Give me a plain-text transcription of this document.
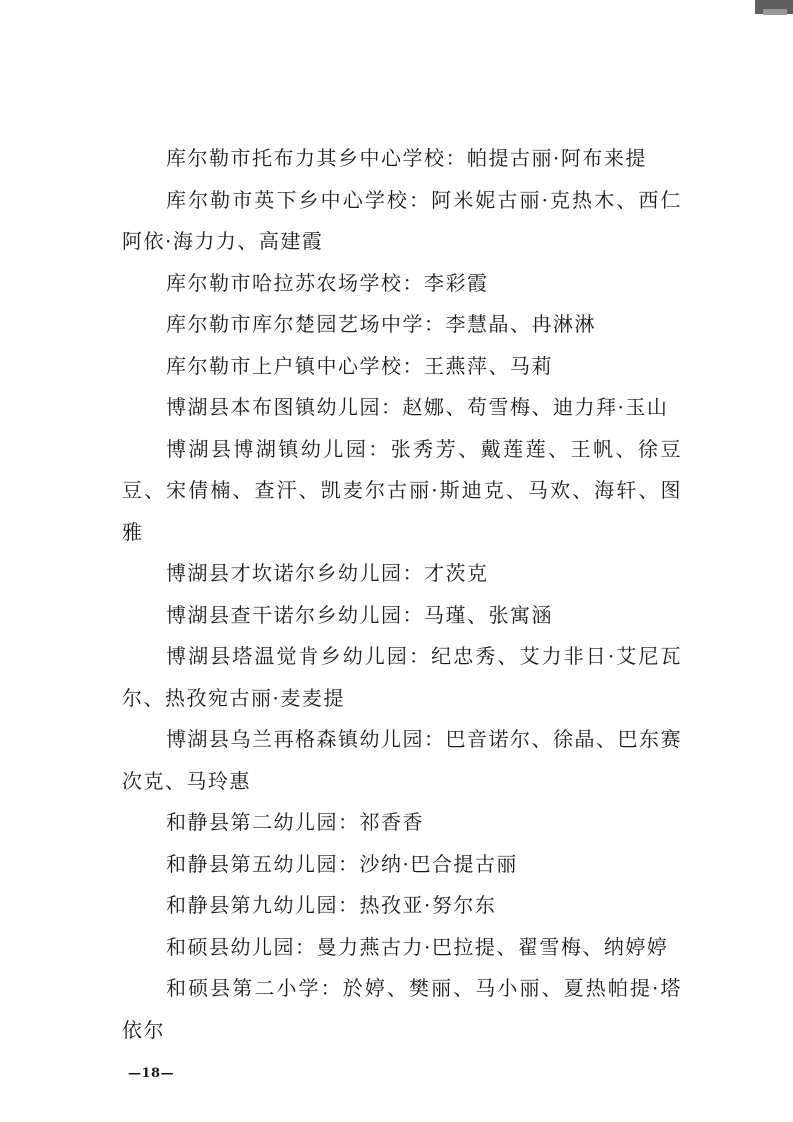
库尔勒市托布力其乡中心学校：帕提古丽·阿布来提

库尔勒市英下乡中心学校：阿米妮古丽·克热木、西仁阿依·海力力、高建霞

库尔勒市哈拉苏农场学校：李彩霞

库尔勒市库尔楚园艺场中学：李慧晶、冉淋淋

库尔勒市上户镇中心学校：王燕萍、马莉

博湖县本布图镇幼儿园：赵娜、苟雪梅、迪力拜·玉山

博湖县博湖镇幼儿园：张秀芳、戴莲莲、王帆、徐豆豆、宋倩楠、查汗、凯麦尔古丽·斯迪克、马欢、海轩、图雅

博湖县才坎诺尔乡幼儿园：才茨克

博湖县查干诺尔乡幼儿园：马瑾、张寓涵

博湖县塔温觉肯乡幼儿园：纪忠秀、艾力非日·艾尼瓦尔、热孜宛古丽·麦麦提

博湖县乌兰再格森镇幼儿园：巴音诺尔、徐晶、巴东赛次克、马玲惠

和静县第二幼儿园：祁香香

和静县第五幼儿园：沙纳·巴合提古丽

和静县第九幼儿园：热孜亚·努尔东

和硕县幼儿园：曼力燕古力·巴拉提、翟雪梅、纳婷婷

和硕县第二小学：於婷、樊丽、马小丽、夏热帕提·塔依尔

—18—
